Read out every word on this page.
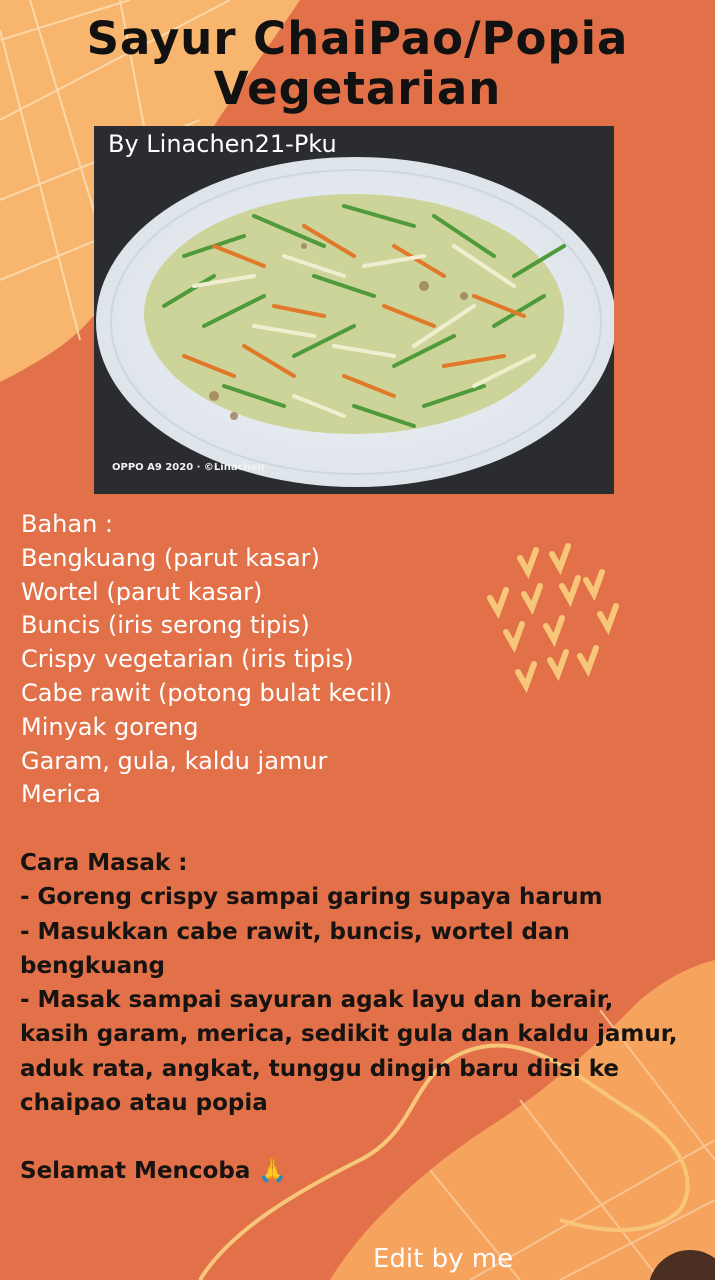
Sayur ChaiPao/Popia
Vegetarian
By Linachen21-Pku
OPPO A9 2020 · ©Linachen
Bahan :
Bengkuang (parut kasar)
Wortel (parut kasar)
Buncis (iris serong tipis)
Crispy vegetarian (iris tipis)
Cabe rawit (potong bulat kecil)
Minyak goreng
Garam, gula, kaldu jamur
Merica
Cara Masak :
- Goreng crispy sampai garing supaya harum
- Masukkan cabe rawit, buncis, wortel dan bengkuang
- Masak sampai sayuran agak layu dan berair, kasih garam, merica, sedikit gula dan kaldu jamur, aduk rata, angkat, tunggu dingin baru diisi ke chaipao atau popia
Selamat Mencoba 🙏
Edit by me
